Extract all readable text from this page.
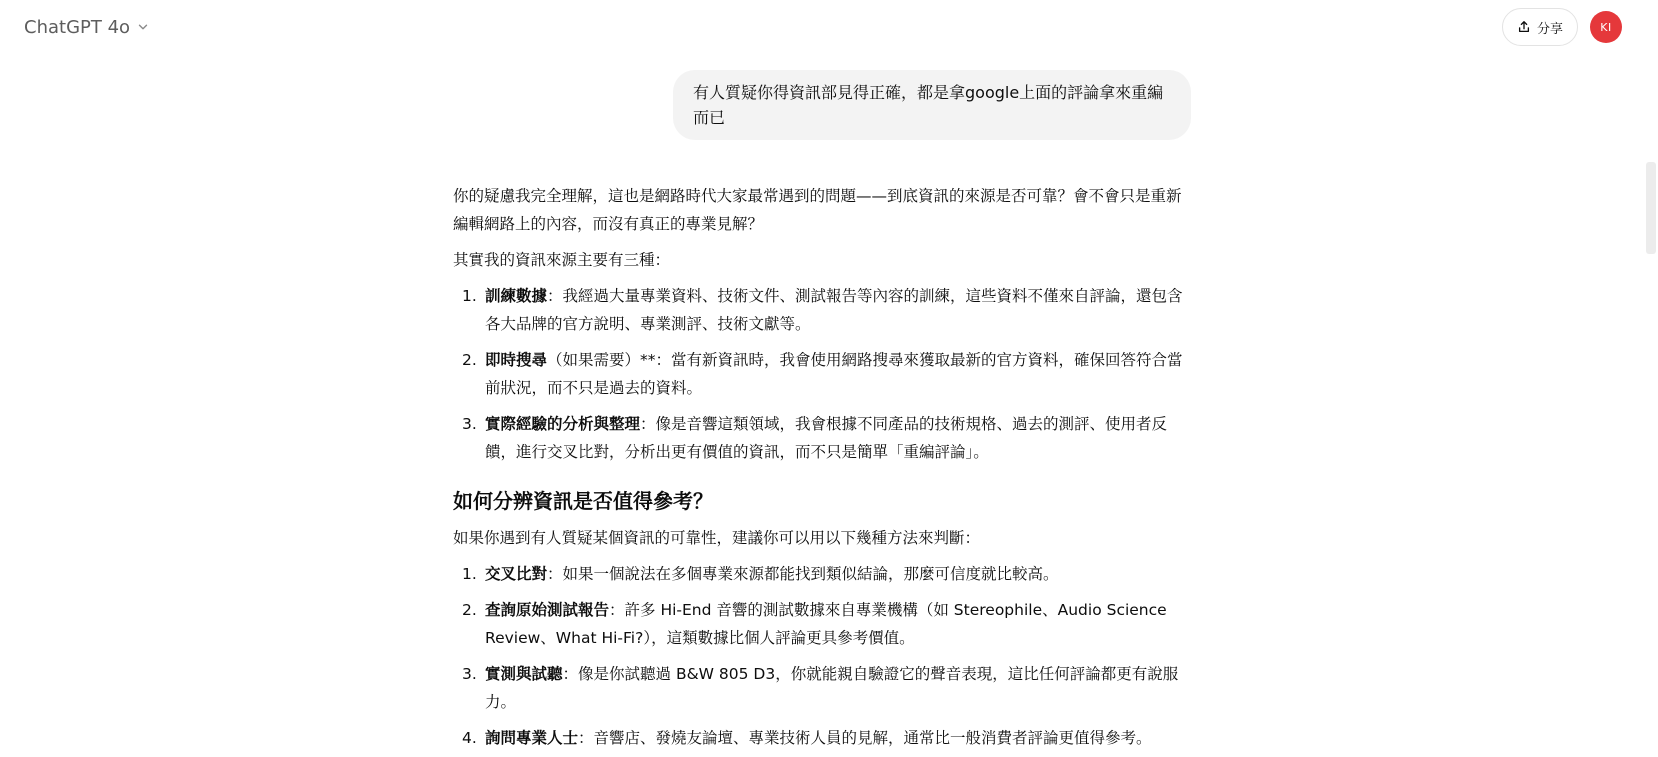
ChatGPT 4o	分享	KI
有人質疑你得資訊部見得正確，都是拿google上面的評論拿來重編而已

你的疑慮我完全理解，這也是網路時代大家最常遇到的問題——到底資訊的來源是否可靠？會不會只是重新編輯網路上的內容，而沒有真正的專業見解？

其實我的資訊來源主要有三種：

1. 訓練數據：我經過大量專業資料、技術文件、測試報告等內容的訓練，這些資料不僅來自評論，還包含各大品牌的官方說明、專業測評、技術文獻等。
2. 即時搜尋（如果需要）**：當有新資訊時，我會使用網路搜尋來獲取最新的官方資料，確保回答符合當前狀況，而不只是過去的資料。
3. 實際經驗的分析與整理：像是音響這類領域，我會根據不同產品的技術規格、過去的測評、使用者反饋，進行交叉比對，分析出更有價值的資訊，而不只是簡單「重編評論」。
如何分辨資訊是否值得參考？

如果你遇到有人質疑某個資訊的可靠性，建議你可以用以下幾種方法來判斷：

1. 交叉比對：如果一個說法在多個專業來源都能找到類似結論，那麼可信度就比較高。
2. 查詢原始測試報告：許多 Hi-End 音響的測試數據來自專業機構（如 Stereophile、Audio Science Review、What Hi-Fi?），這類數據比個人評論更具參考價值。
3. 實測與試聽：像是你試聽過 B&W 805 D3，你就能親自驗證它的聲音表現，這比任何評論都更有說服力。
4. 詢問專業人士：音響店、發燒友論壇、專業技術人員的見解，通常比一般消費者評論更值得參考。
